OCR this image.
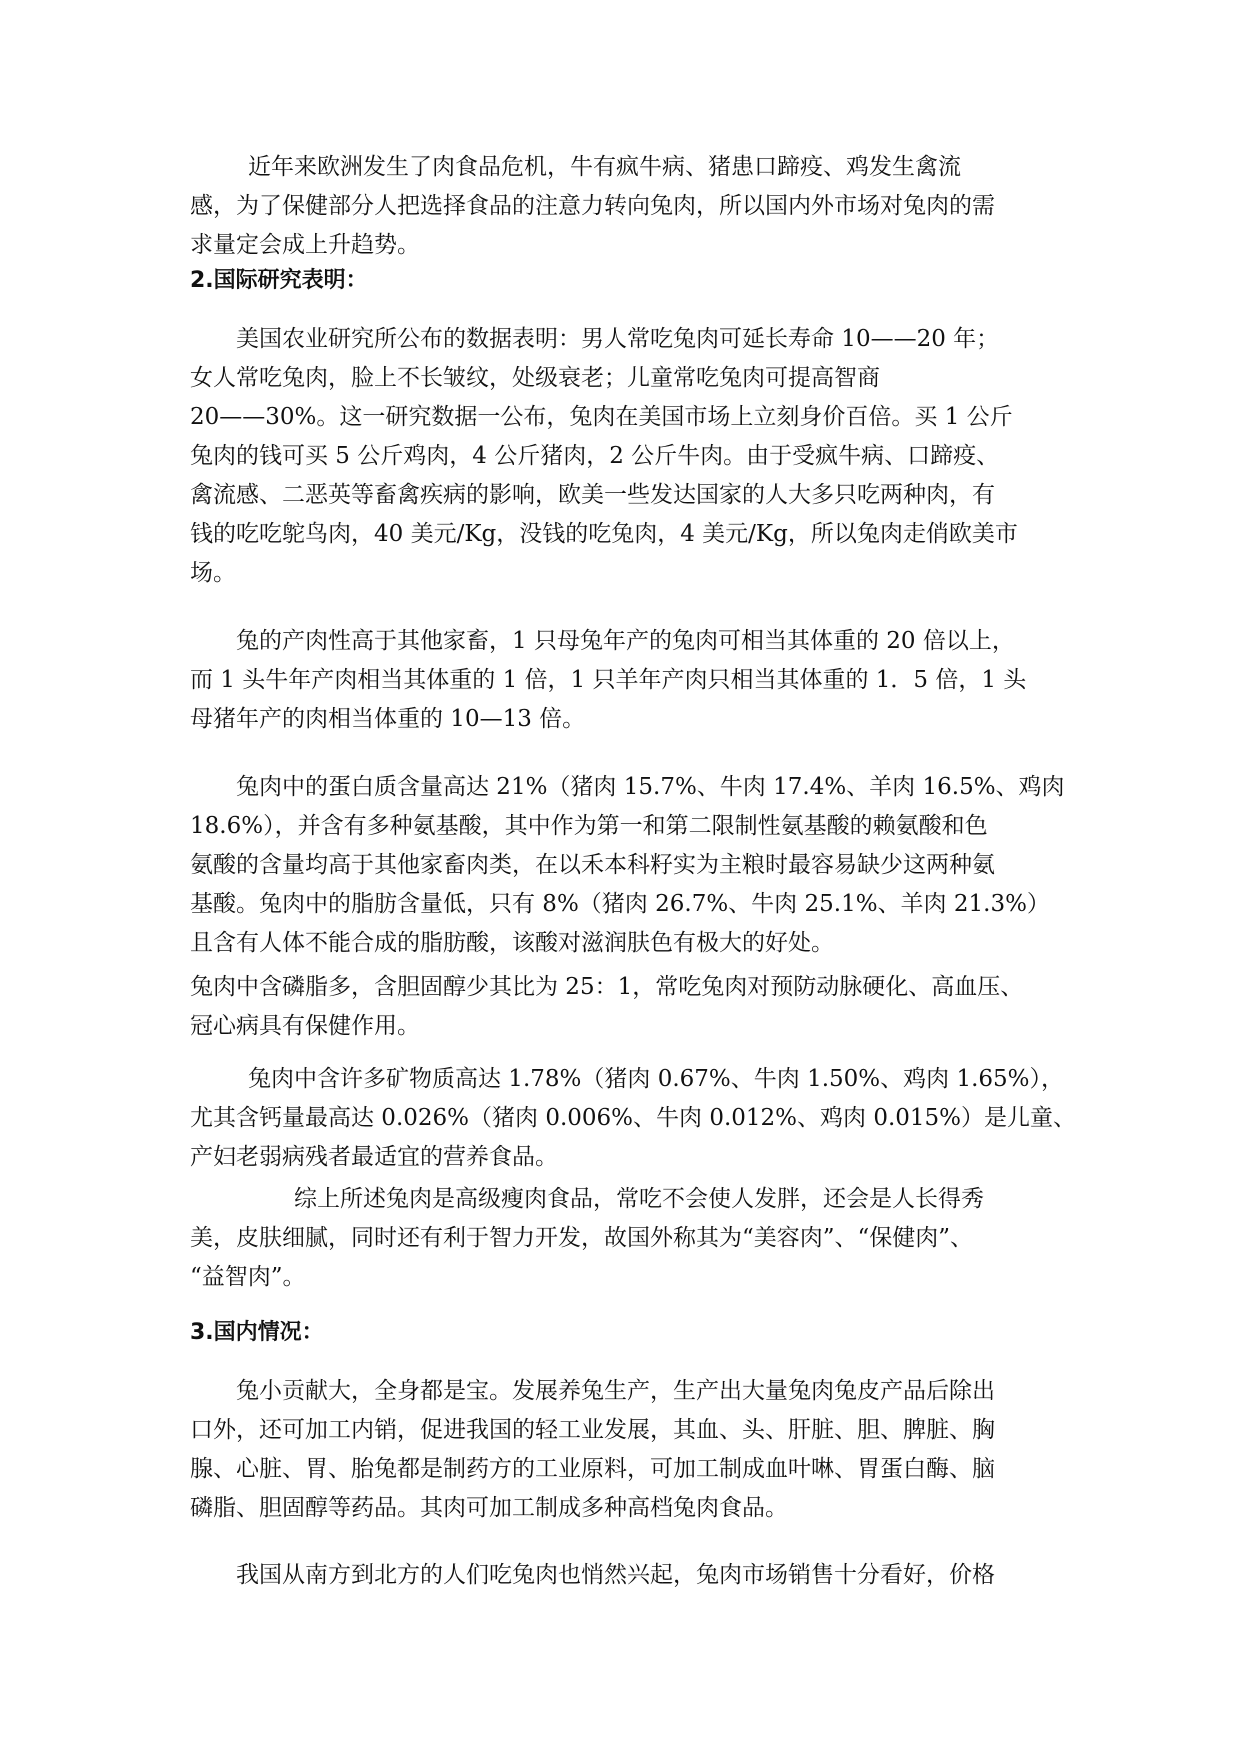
近年来欧洲发生了肉食品危机，牛有疯牛病、猪患口蹄疫、鸡发生禽流
感，为了保健部分人把选择食品的注意力转向兔肉，所以国内外市场对兔肉的需
求量定会成上升趋势。
2.国际研究表明：
美国农业研究所公布的数据表明：男人常吃兔肉可延长寿命 10——20 年；
女人常吃兔肉，脸上不长皱纹，处级衰老；儿童常吃兔肉可提高智商
20——30%。这一研究数据一公布，兔肉在美国市场上立刻身价百倍。买 1 公斤
兔肉的钱可买 5 公斤鸡肉，4 公斤猪肉，2 公斤牛肉。由于受疯牛病、口蹄疫、
禽流感、二恶英等畜禽疾病的影响，欧美一些发达国家的人大多只吃两种肉，有
钱的吃吃鸵鸟肉，40 美元/Kg，没钱的吃兔肉，4 美元/Kg，所以兔肉走俏欧美市
场。
兔的产肉性高于其他家畜，1 只母兔年产的兔肉可相当其体重的 20 倍以上，
而 1 头牛年产肉相当其体重的 1 倍，1 只羊年产肉只相当其体重的 1．5 倍，1 头
母猪年产的肉相当体重的 10—13 倍。
兔肉中的蛋白质含量高达 21%（猪肉 15.7%、牛肉 17.4%、羊肉 16.5%、鸡肉
18.6%），并含有多种氨基酸，其中作为第一和第二限制性氨基酸的赖氨酸和色
氨酸的含量均高于其他家畜肉类，在以禾本科籽实为主粮时最容易缺少这两种氨
基酸。兔肉中的脂肪含量低，只有 8%（猪肉 26.7%、牛肉 25.1%、羊肉 21.3%）
且含有人体不能合成的脂肪酸，该酸对滋润肤色有极大的好处。
兔肉中含磷脂多，含胆固醇少其比为 25：1，常吃兔肉对预防动脉硬化、高血压、
冠心病具有保健作用。
兔肉中含许多矿物质高达 1.78%（猪肉 0.67%、牛肉 1.50%、鸡肉 1.65%），
尤其含钙量最高达 0.026%（猪肉 0.006%、牛肉 0.012%、鸡肉 0.015%）是儿童、
产妇老弱病残者最适宜的营养食品。
综上所述兔肉是高级瘦肉食品，常吃不会使人发胖，还会是人长得秀
美，皮肤细腻，同时还有利于智力开发，故国外称其为“美容肉”、“保健肉”、
“益智肉”。
3.国内情况：
兔小贡献大，全身都是宝。发展养兔生产，生产出大量兔肉兔皮产品后除出
口外，还可加工内销，促进我国的轻工业发展，其血、头、肝脏、胆、脾脏、胸
腺、心脏、胃、胎兔都是制药方的工业原料，可加工制成血叶啉、胃蛋白酶、脑
磷脂、胆固醇等药品。其肉可加工制成多种高档兔肉食品。
我国从南方到北方的人们吃兔肉也悄然兴起，兔肉市场销售十分看好，价格
